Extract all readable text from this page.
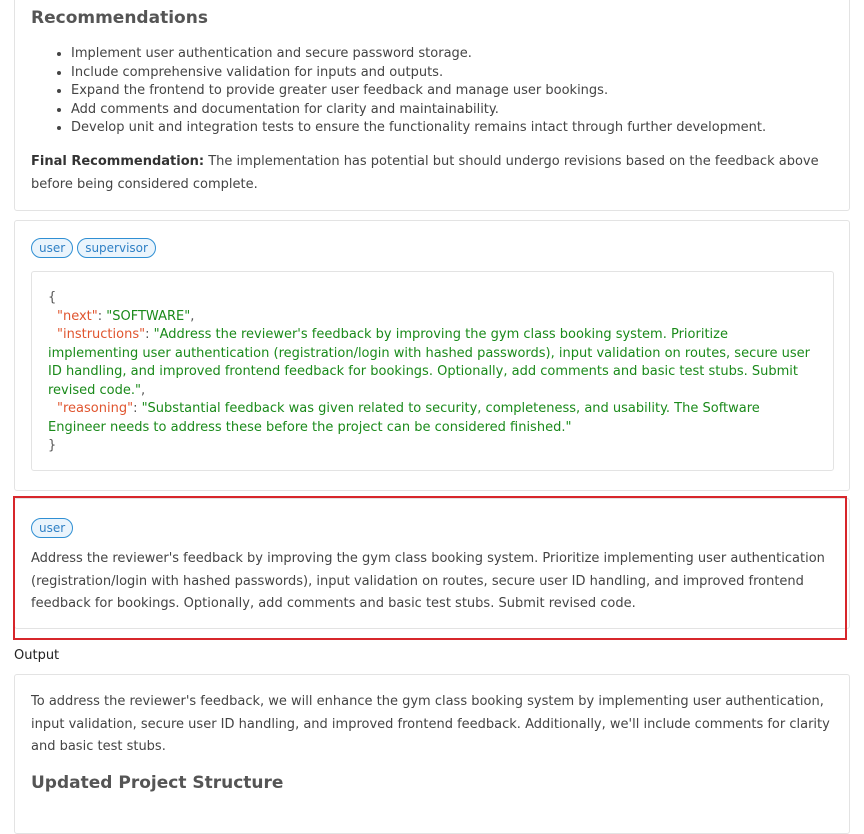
Recommendations
• Implement user authentication and secure password storage.
• Include comprehensive validation for inputs and outputs.
• Expand the frontend to provide greater user feedback and manage user bookings.
• Add comments and documentation for clarity and maintainability.
• Develop unit and integration tests to ensure the functionality remains intact through further development.

Final Recommendation: The implementation has potential but should undergo revisions based on the feedback above before being considered complete.

user supervisor
{
"next": "SOFTWARE",
"instructions": "Address the reviewer's feedback by improving the gym class booking system. Prioritize implementing user authentication (registration/login with hashed passwords), input validation on routes, secure user ID handling, and improved frontend feedback for bookings. Optionally, add comments and basic test stubs. Submit revised code.",
"reasoning": "Substantial feedback was given related to security, completeness, and usability. The Software Engineer needs to address these before the project can be considered finished."
}
user

Address the reviewer's feedback by improving the gym class booking system. Prioritize implementing user authentication (registration/login with hashed passwords), input validation on routes, secure user ID handling, and improved frontend feedback for bookings. Optionally, add comments and basic test stubs. Submit revised code.

Output

To address the reviewer's feedback, we will enhance the gym class booking system by implementing user authentication, input validation, secure user ID handling, and improved frontend feedback. Additionally, we'll include comments for clarity and basic test stubs.

Updated Project Structure
